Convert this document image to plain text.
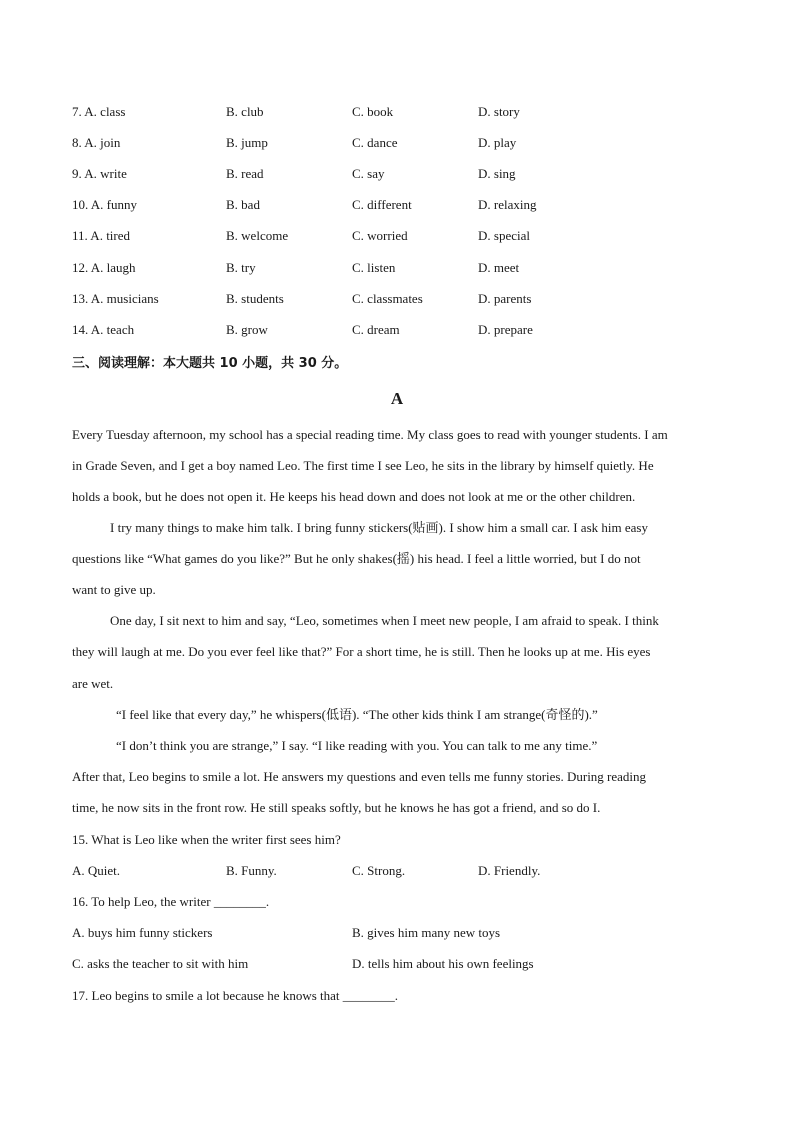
7. A. class	B. club	C. book	D. story
8. A. join	B. jump	C. dance	D. play
9. A. write	B. read	C. say	D. sing
10. A. funny	B. bad	C. different	D. relaxing
11. A. tired	B. welcome	C. worried	D. special
12. A. laugh	B. try	C. listen	D. meet
13. A. musicians	B. students	C. classmates	D. parents
14. A. teach	B. grow	C. dream	D. prepare
三、阅读理解：本大题共 10 小题，共 30 分。
A
Every Tuesday afternoon, my school has a special reading time. My class goes to read with younger students. I am
in Grade Seven, and I get a boy named Leo. The first time I see Leo, he sits in the library by himself quietly. He
holds a book, but he does not open it. He keeps his head down and does not look at me or the other children.
I try many things to make him talk. I bring funny stickers(贴画). I show him a small car. I ask him easy
questions like “What games do you like?” But he only shakes(摇) his head. I feel a little worried, but I do not
want to give up.
One day, I sit next to him and say, “Leo, sometimes when I meet new people, I am afraid to speak. I think
they will laugh at me. Do you ever feel like that?” For a short time, he is still. Then he looks up at me. His eyes
are wet.
“I feel like that every day,” he whispers(低语). “The other kids think I am strange(奇怪的).”
“I don’t think you are strange,” I say. “I like reading with you. You can talk to me any time.”
After that, Leo begins to smile a lot. He answers my questions and even tells me funny stories. During reading
time, he now sits in the front row. He still speaks softly, but he knows he has got a friend, and so do I.
15. What is Leo like when the writer first sees him?
A. Quiet.	B. Funny.	C. Strong.	D. Friendly.
16. To help Leo, the writer ________.
A. buys him funny stickers	B. gives him many new toys
C. asks the teacher to sit with him	D. tells him about his own feelings
17. Leo begins to smile a lot because he knows that ________.
